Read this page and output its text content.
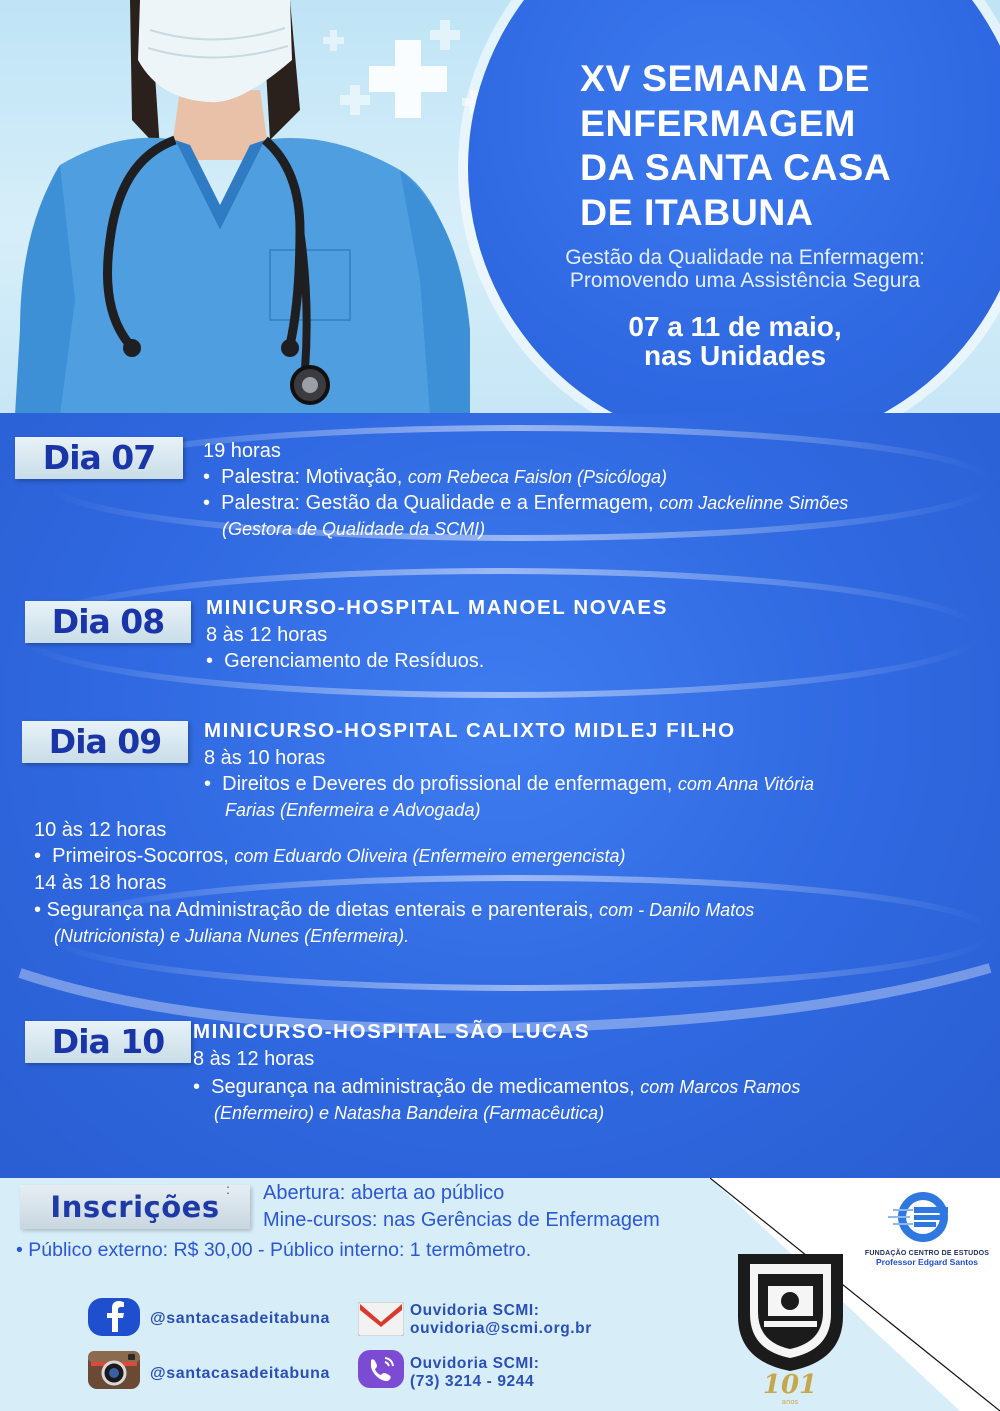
XV SEMANA DE
ENFERMAGEM
DA SANTA CASA
DE ITABUNA
Gestão da Qualidade na Enfermagem:
Promovendo uma Assistência Segura
07 a 11 de maio,
nas Unidades
Dia 07	19 horas
• Palestra: Motivação, com Rebeca Faislon (Psicóloga)
• Palestra: Gestão da Qualidade e a Enfermagem, com Jackelinne Simões
(Gestora de Qualidade da SCMI)
Dia 08	MINICURSO-HOSPITAL MANOEL NOVAES
8 às 12 horas
• Gerenciamento de Resíduos.
Dia 09	MINICURSO-HOSPITAL CALIXTO MIDLEJ FILHO
8 às 10 horas
• Direitos e Deveres do profissional de enfermagem, com Anna Vitória
Farias (Enfermeira e Advogada)
10 às 12 horas
• Primeiros-Socorros, com Eduardo Oliveira (Enfermeiro emergencista)
14 às 18 horas
• Segurança na Administração de dietas enterais e parenterais, com - Danilo Matos
(Nutricionista) e Juliana Nunes (Enfermeira).
Dia 10	MINICURSO-HOSPITAL SÃO LUCAS
8 às 12 horas
• Segurança na administração de medicamentos, com Marcos Ramos
(Enfermeiro) e Natasha Bandeira (Farmacêutica)
Inscrições
: Abertura: aberta ao público
Mine-cursos: nas Gerências de Enfermagem
• Público externo: R$ 30,00 - Público interno: 1 termômetro.
@santacasadeitabuna
@santacasadeitabuna
Ouvidoria SCMI:
ouvidoria@scmi.org.br
Ouvidoria SCMI:
(73) 3214 - 9244	101
anos
FUNDAÇÃO CENTRO DE ESTUDOS
Professor Edgard Santos
